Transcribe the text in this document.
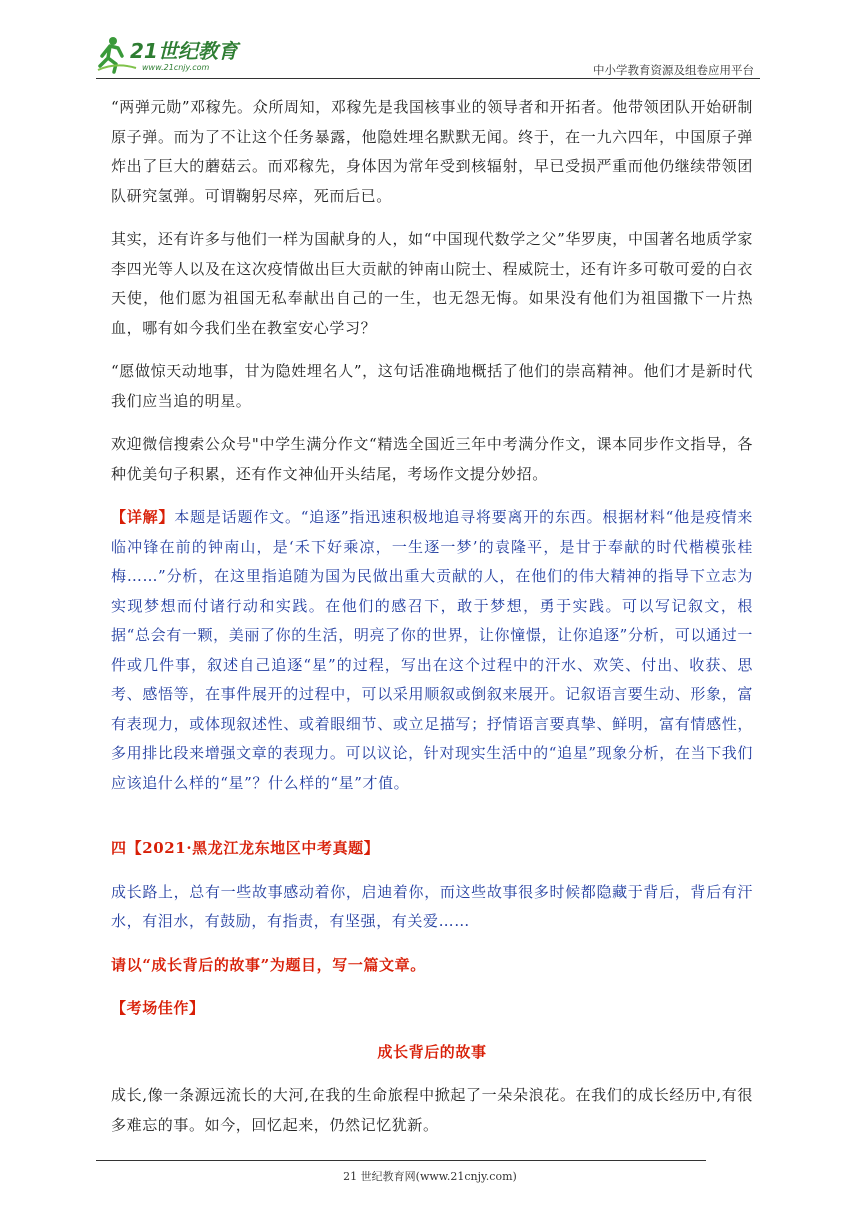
21世纪教育
www.21cnjy.com	中小学教育资源及组卷应用平台

“两弹元勋”邓稼先。众所周知，邓稼先是我国核事业的领导者和开拓者。他带领团队开始研制原子弹。而为了不让这个任务暴露，他隐姓埋名默默无闻。终于，在一九六四年，中国原子弹炸出了巨大的蘑菇云。而邓稼先，身体因为常年受到核辐射，早已受损严重而他仍继续带领团队研究氢弹。可谓鞠躬尽瘁，死而后已。

其实，还有许多与他们一样为国献身的人，如“中国现代数学之父”华罗庚，中国著名地质学家李四光等人以及在这次疫情做出巨大贡献的钟南山院士、程威院士，还有许多可敬可爱的白衣天使，他们愿为祖国无私奉献出自己的一生，也无怨无悔。如果没有他们为祖国撒下一片热血，哪有如今我们坐在教室安心学习？

“愿做惊天动地事，甘为隐姓埋名人”，这句话准确地概括了他们的崇高精神。他们才是新时代我们应当追的明星。

欢迎微信搜索公众号"中学生满分作文“精选全国近三年中考满分作文，课本同步作文指导，各种优美句子积累，还有作文神仙开头结尾，考场作文提分妙招。

【详解】本题是话题作文。“追逐”指迅速积极地追寻将要离开的东西。根据材料“他是疫情来临冲锋在前的钟南山，是‘禾下好乘凉，一生逐一梦’的袁隆平，是甘于奉献的时代楷模张桂梅……”分析，在这里指追随为国为民做出重大贡献的人，在他们的伟大精神的指导下立志为实现梦想而付诸行动和实践。在他们的感召下，敢于梦想，勇于实践。可以写记叙文，根据“总会有一颗，美丽了你的生活，明亮了你的世界，让你憧憬，让你追逐”分析，可以通过一件或几件事，叙述自己追逐“星”的过程，写出在这个过程中的汗水、欢笑、付出、收获、思考、感悟等，在事件展开的过程中，可以采用顺叙或倒叙来展开。记叙语言要生动、形象，富有表现力，或体现叙述性、或着眼细节、或立足描写；抒情语言要真挚、鲜明，富有情感性，多用排比段来增强文章的表现力。可以议论，针对现实生活中的“追星”现象分析，在当下我们应该追什么样的“星”？什么样的“星”才值。

四【2021·黑龙江龙东地区中考真题】

成长路上，总有一些故事感动着你，启迪着你，而这些故事很多时候都隐藏于背后，背后有汗水，有泪水，有鼓励，有指责，有坚强，有关爱……

请以“成长背后的故事”为题目，写一篇文章。

【考场佳作】

成长背后的故事

成长,像一条源远流长的大河,在我的生命旅程中掀起了一朵朵浪花。在我们的成长经历中,有很多难忘的事。如今，回忆起来，仍然记忆犹新。

21 世纪教育网(www.21cnjy.com)
